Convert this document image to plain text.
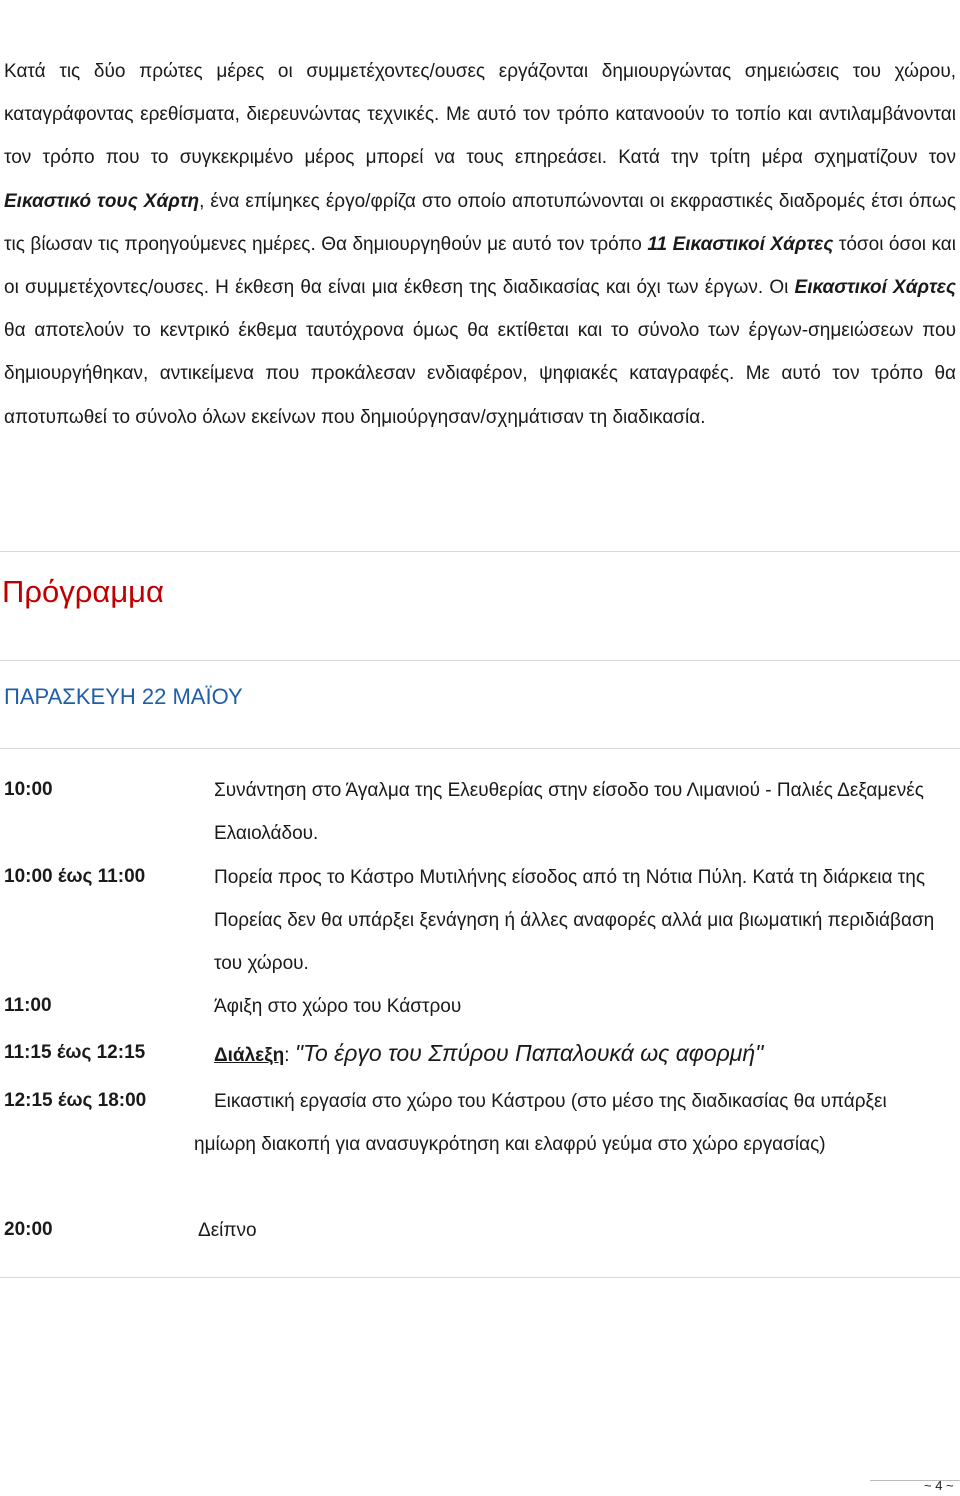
Κατά τις δύο πρώτες μέρες οι συμμετέχοντες/ουσες εργάζονται δημιουργώντας σημειώσεις του χώρου, καταγράφοντας ερεθίσματα, διερευνώντας τεχνικές. Με αυτό τον τρόπο κατανοούν το τοπίο και αντιλαμβάνονται τον τρόπο που το συγκεκριμένο μέρος μπορεί να τους επηρεάσει. Κατά την τρίτη μέρα σχηματίζουν τον Εικαστικό τους Χάρτη, ένα επίμηκες έργο/φρίζα στο οποίο αποτυπώνονται οι εκφραστικές διαδρομές έτσι όπως τις βίωσαν τις προηγούμενες ημέρες. Θα δημιουργηθούν με αυτό τον τρόπο 11 Εικαστικοί Χάρτες τόσοι όσοι και οι συμμετέχοντες/ουσες. Η έκθεση θα είναι μια έκθεση της διαδικασίας και όχι των έργων. Οι Εικαστικοί Χάρτες θα αποτελούν το κεντρικό έκθεμα ταυτόχρονα όμως θα εκτίθεται και το σύνολο των έργων-σημειώσεων που δημιουργήθηκαν, αντικείμενα που προκάλεσαν ενδιαφέρον, ψηφιακές καταγραφές. Με αυτό τον τρόπο θα αποτυπωθεί το σύνολο όλων εκείνων που δημιούργησαν/σχημάτισαν τη διαδικασία.

Πρόγραμμα
ΠΑΡΑΣΚΕΥΗ 22 ΜΑΪΟΥ
10:00	Συνάντηση στο Άγαλμα της Ελευθερίας στην είσοδο του Λιμανιού - Παλιές Δεξαμενές Ελαιολάδου.

10:00 έως 11:00	Πορεία προς το Κάστρο Μυτιλήνης είσοδος από τη Νότια Πύλη. Κατά τη διάρκεια της Πορείας δεν θα υπάρξει ξενάγηση ή άλλες αναφορές αλλά μια βιωματική περιδιάβαση του χώρου.

11:00	Άφιξη στο χώρο του Κάστρου

11:15 έως 12:15	Διάλεξη: "Το έργο του Σπύρου Παπαλουκά ως αφορμή"

12:15 έως 18:00	Εικαστική εργασία στο χώρο του Κάστρου (στο μέσο της διαδικασίας θα υπάρξει ημίωρη διακοπή για ανασυγκρότηση και ελαφρύ γεύμα στο χώρο εργασίας)

20:00	Δείπνο

~ 4 ~
